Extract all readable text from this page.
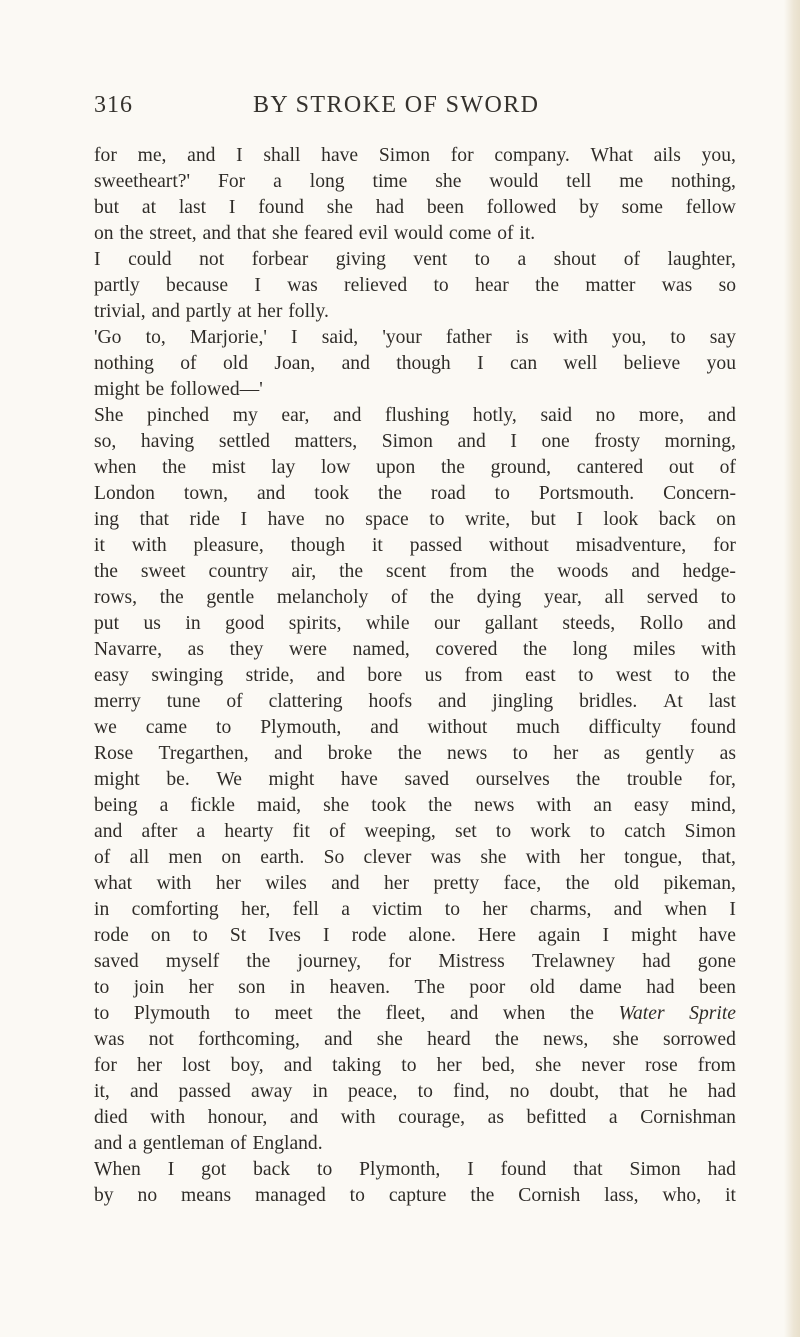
316	BY STROKE OF SWORD
for me, and I shall have Simon for company. What ails you,
sweetheart?' For a long time she would tell me nothing,
but at last I found she had been followed by some fellow
on the street, and that she feared evil would come of it.
I could not forbear giving vent to a shout of laughter,
partly because I was relieved to hear the matter was so
trivial, and partly at her folly.
'Go to, Marjorie,' I said, 'your father is with you, to say
nothing of old Joan, and though I can well believe you
might be followed—'
She pinched my ear, and flushing hotly, said no more, and
so, having settled matters, Simon and I one frosty morning,
when the mist lay low upon the ground, cantered out of
London town, and took the road to Portsmouth. Concern-
ing that ride I have no space to write, but I look back on
it with pleasure, though it passed without misadventure, for
the sweet country air, the scent from the woods and hedge-
rows, the gentle melancholy of the dying year, all served to
put us in good spirits, while our gallant steeds, Rollo and
Navarre, as they were named, covered the long miles with
easy swinging stride, and bore us from east to west to the
merry tune of clattering hoofs and jingling bridles. At last
we came to Plymouth, and without much difficulty found
Rose Tregarthen, and broke the news to her as gently as
might be. We might have saved ourselves the trouble for,
being a fickle maid, she took the news with an easy mind,
and after a hearty fit of weeping, set to work to catch Simon
of all men on earth. So clever was she with her tongue, that,
what with her wiles and her pretty face, the old pikeman,
in comforting her, fell a victim to her charms, and when I
rode on to St Ives I rode alone. Here again I might have
saved myself the journey, for Mistress Trelawney had gone
to join her son in heaven. The poor old dame had been
to Plymouth to meet the fleet, and when the Water Sprite
was not forthcoming, and she heard the news, she sorrowed
for her lost boy, and taking to her bed, she never rose from
it, and passed away in peace, to find, no doubt, that he had
died with honour, and with courage, as befitted a Cornishman
and a gentleman of England.
When I got back to Plymonth, I found that Simon had
by no means managed to capture the Cornish lass, who, it
